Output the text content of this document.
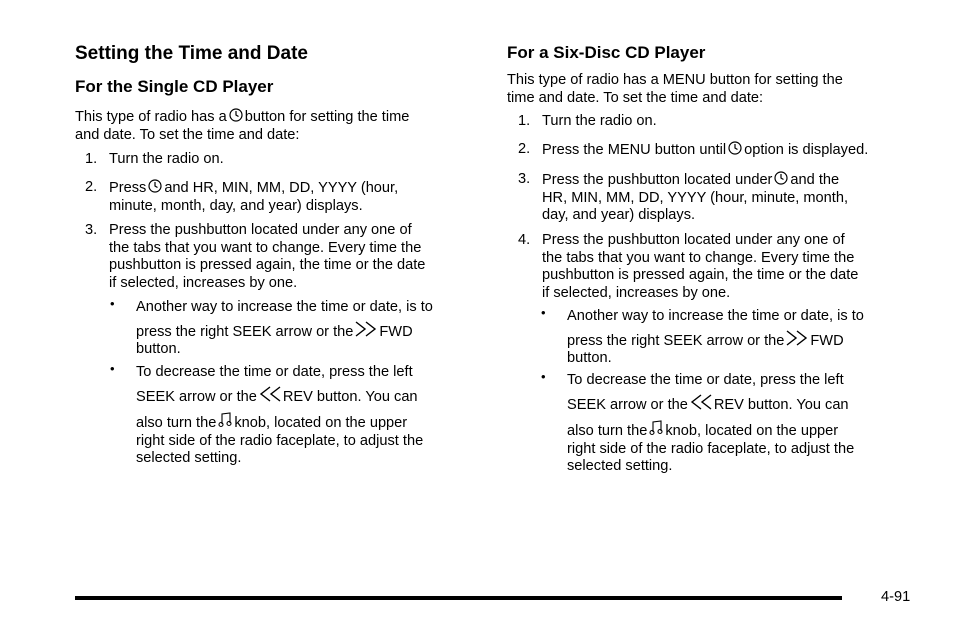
Setting the Time and Date
For the Single CD Player
This type of radio has a button for setting the time
and date. To set the time and date:
1. Turn the radio on.
2. Press and HR, MIN, MM, DD, YYYY (hour,
minute, month, day, and year) displays.
3. Press the pushbutton located under any one of
the tabs that you want to change. Every time the
pushbutton is pressed again, the time or the date
if selected, increases by one.
• Another way to increase the time or date, is to
press the right SEEK arrow or the FWD
button.
• To decrease the time or date, press the left
SEEK arrow or the REV button. You can
also turn the knob, located on the upper
right side of the radio faceplate, to adjust the
selected setting.
For a Six-Disc CD Player
This type of radio has a MENU button for setting the
time and date. To set the time and date:
1. Turn the radio on.
2. Press the MENU button until option is displayed.
3. Press the pushbutton located under and the
HR, MIN, MM, DD, YYYY (hour, minute, month,
day, and year) displays.
4. Press the pushbutton located under any one of
the tabs that you want to change. Every time the
pushbutton is pressed again, the time or the date
if selected, increases by one.
• Another way to increase the time or date, is to
press the right SEEK arrow or the FWD
button.
• To decrease the time or date, press the left
SEEK arrow or the REV button. You can
also turn the knob, located on the upper
right side of the radio faceplate, to adjust the
selected setting.
4-91
